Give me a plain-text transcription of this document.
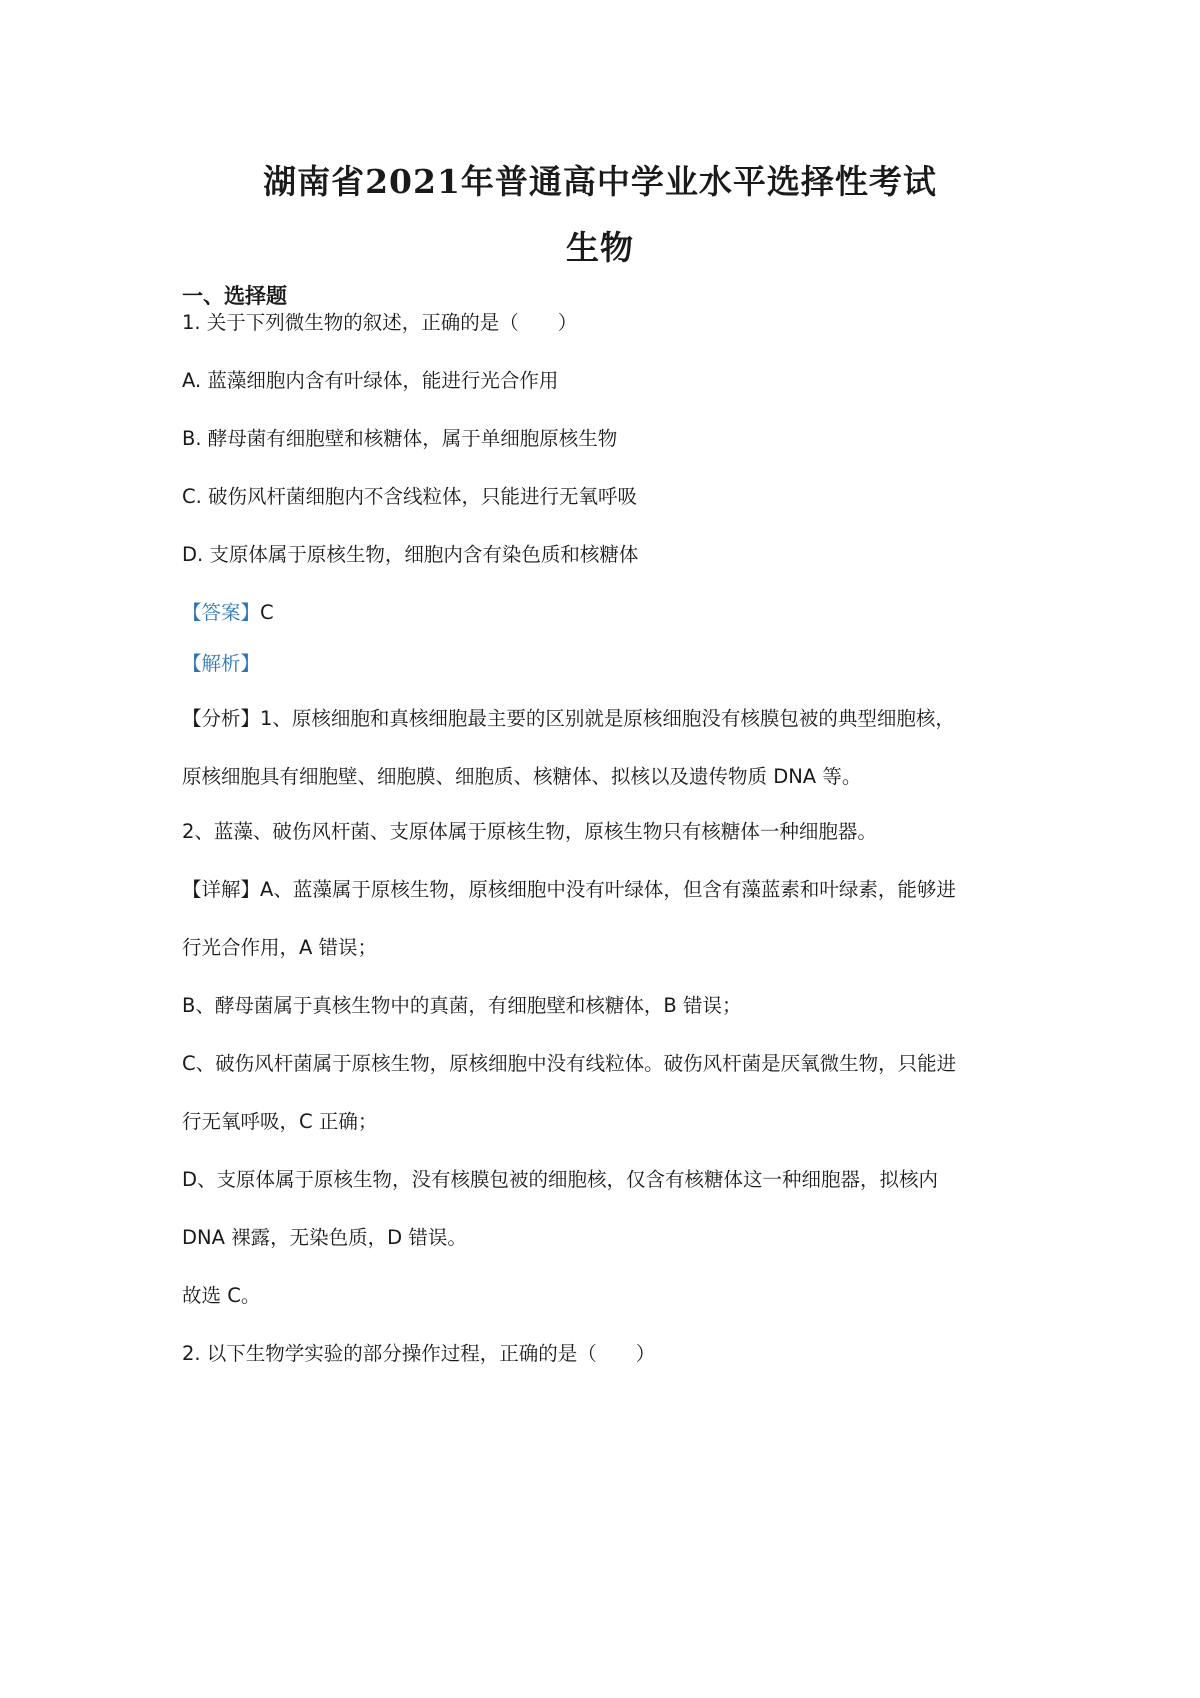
湖南省2021年普通高中学业水平选择性考试
生物
一、选择题
1. 关于下列微生物的叙述，正确的是（　　）
A. 蓝藻细胞内含有叶绿体，能进行光合作用
B. 酵母菌有细胞壁和核糖体，属于单细胞原核生物
C. 破伤风杆菌细胞内不含线粒体，只能进行无氧呼吸
D. 支原体属于原核生物，细胞内含有染色质和核糖体
【答案】C
【解析】
【分析】1、原核细胞和真核细胞最主要的区别就是原核细胞没有核膜包被的典型细胞核，
原核细胞具有细胞壁、细胞膜、细胞质、核糖体、拟核以及遗传物质 DNA 等。
2、蓝藻、破伤风杆菌、支原体属于原核生物，原核生物只有核糖体一种细胞器。
【详解】A、蓝藻属于原核生物，原核细胞中没有叶绿体，但含有藻蓝素和叶绿素，能够进
行光合作用，A 错误；
B、酵母菌属于真核生物中的真菌，有细胞壁和核糖体，B 错误；
C、破伤风杆菌属于原核生物，原核细胞中没有线粒体。破伤风杆菌是厌氧微生物，只能进
行无氧呼吸，C 正确；
D、支原体属于原核生物，没有核膜包被的细胞核，仅含有核糖体这一种细胞器，拟核内
DNA 裸露，无染色质，D 错误。
故选 C。
2. 以下生物学实验的部分操作过程，正确的是（　　）
